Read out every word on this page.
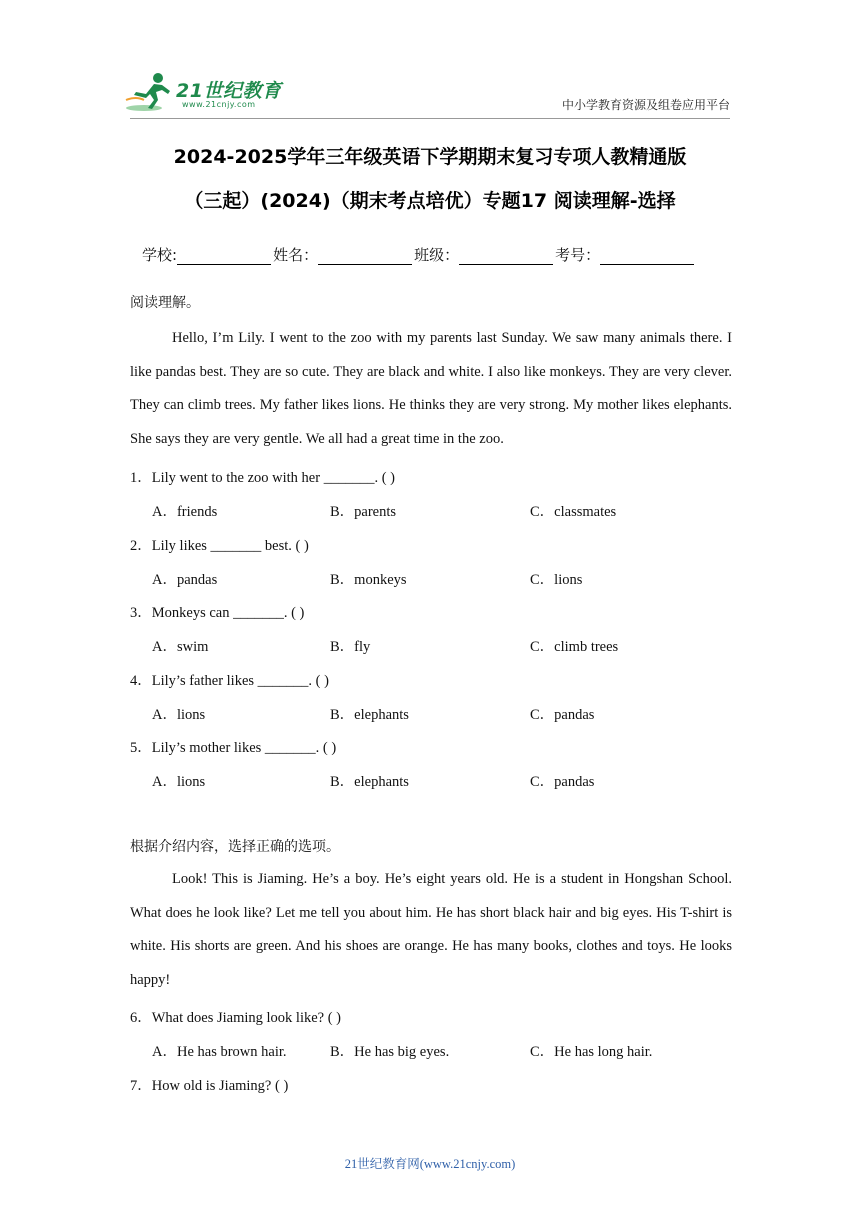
21世纪教育
www.21cnjy.com	中小学教育资源及组卷应用平台
2024-2025学年三年级英语下学期期末复习专项人教精通版
（三起）(2024)（期末考点培优）专题17 阅读理解-选择
学校:	姓名：	班级：	考号：
阅读理解。
Hello, I’m Lily. I went to the zoo with my parents last Sunday. We saw many animals there. I like pandas best. They are so cute. They are black and white. I also like monkeys. They are very clever. They can climb trees. My father likes lions. He thinks they are very strong. My mother likes elephants. She says they are very gentle. We all had a great time in the zoo.
1．Lily went to the zoo with her _______. ( )
A．friends	B．parents	C．classmates
2．Lily likes _______ best. ( )
A．pandas	B．monkeys	C．lions
3．Monkeys can _______. ( )
A．swim	B．fly	C．climb trees
4．Lily’s father likes _______. ( )
A．lions	B．elephants	C．pandas
5．Lily’s mother likes _______. ( )
A．lions	B．elephants	C．pandas
根据介绍内容，选择正确的选项。
Look! This is Jiaming. He’s a boy. He’s eight years old. He is a student in Hongshan School. What does he look like? Let me tell you about him. He has short black hair and big eyes. His T-shirt is white. His shorts are green. And his shoes are orange. He has many books, clothes and toys. He looks happy!
6．What does Jiaming look like? ( )
A．He has brown hair.	B．He has big eyes.	C．He has long hair.
7．How old is Jiaming? ( )
21世纪教育网(www.21cnjy.com)
